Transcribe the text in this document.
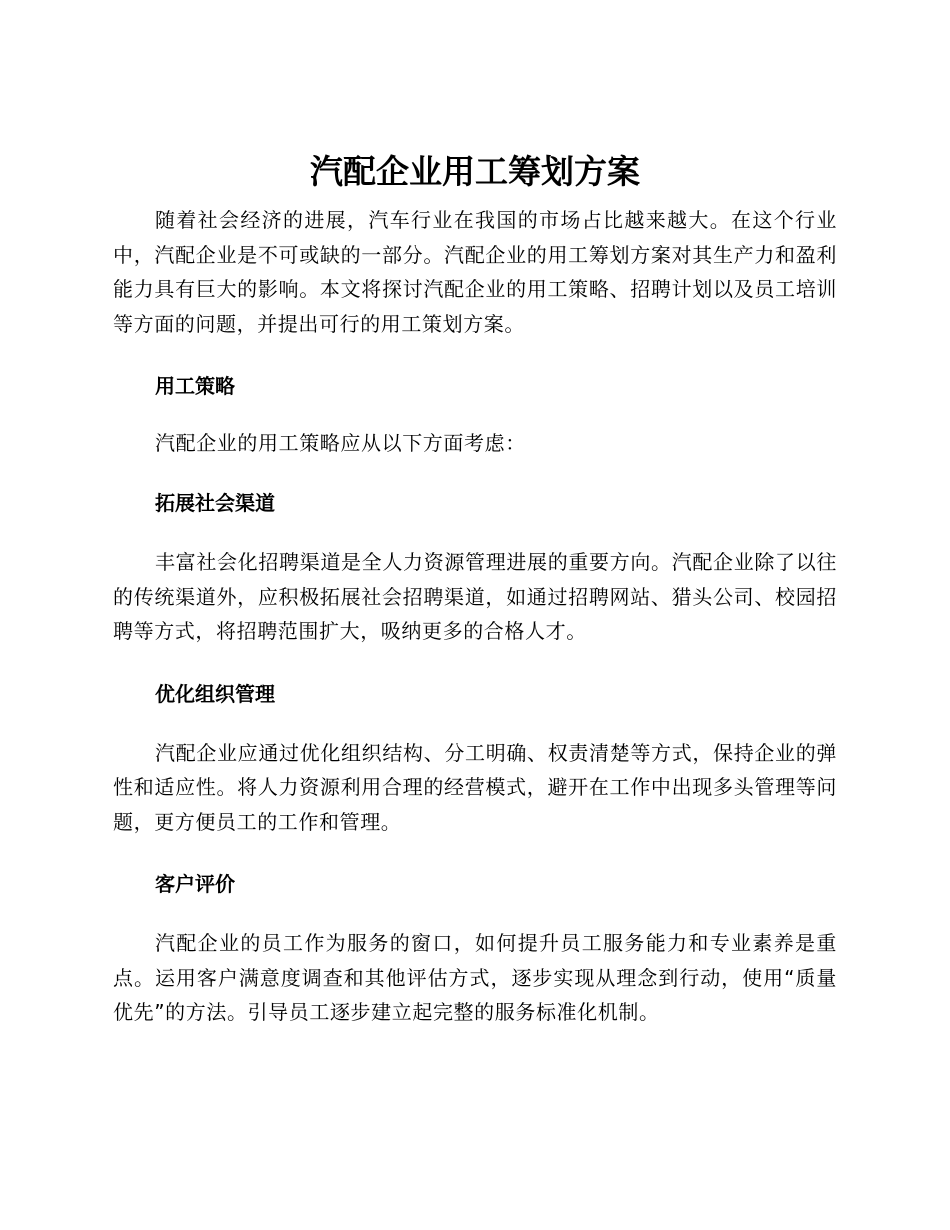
汽配企业用工筹划方案

随着社会经济的进展，汽车行业在我国的市场占比越来越大。在这个行业中，汽配企业是不可或缺的一部分。汽配企业的用工筹划方案对其生产力和盈利能力具有巨大的影响。本文将探讨汽配企业的用工策略、招聘计划以及员工培训等方面的问题，并提出可行的用工策划方案。

用工策略

汽配企业的用工策略应从以下方面考虑：

拓展社会渠道

丰富社会化招聘渠道是全人力资源管理进展的重要方向。汽配企业除了以往的传统渠道外，应积极拓展社会招聘渠道，如通过招聘网站、猎头公司、校园招聘等方式，将招聘范围扩大，吸纳更多的合格人才。

优化组织管理

汽配企业应通过优化组织结构、分工明确、权责清楚等方式，保持企业的弹性和适应性。将人力资源利用合理的经营模式，避开在工作中出现多头管理等问题，更方便员工的工作和管理。

客户评价

汽配企业的员工作为服务的窗口，如何提升员工服务能力和专业素养是重点。运用客户满意度调查和其他评估方式，逐步实现从理念到行动，使用“质量优先”的方法。引导员工逐步建立起完整的服务标准化机制。
